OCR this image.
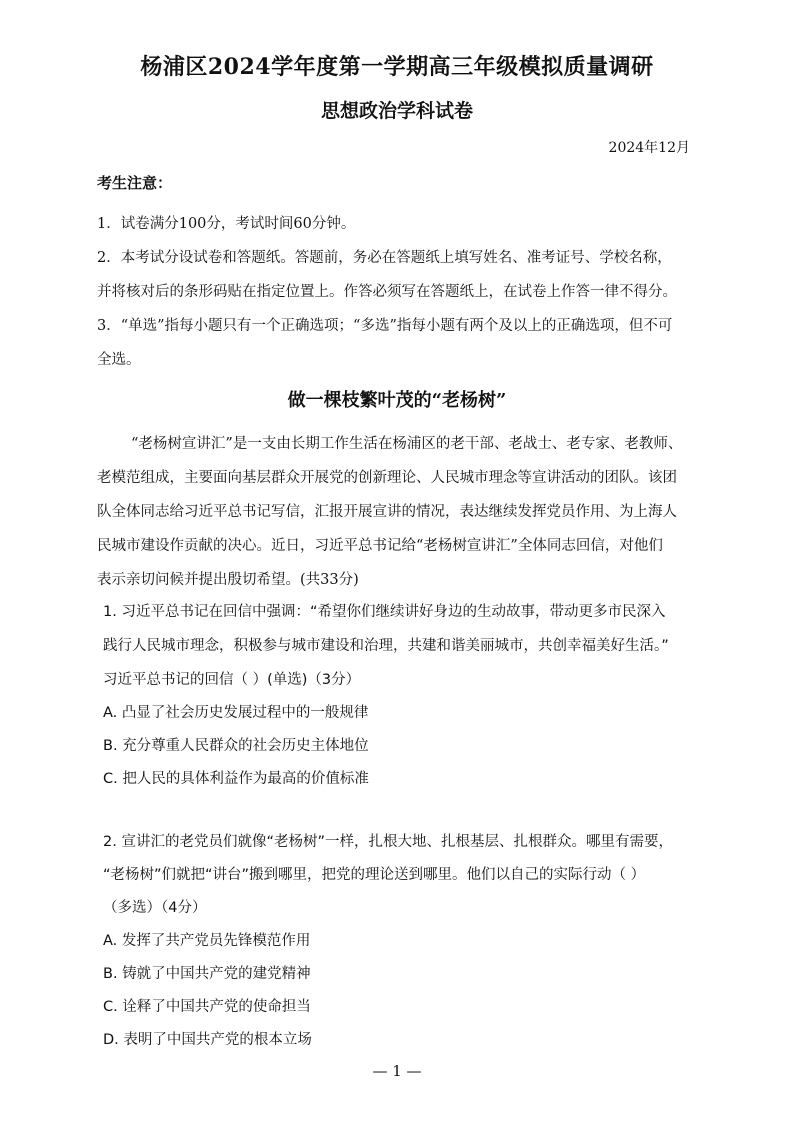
杨浦区2024学年度第一学期高三年级模拟质量调研
思想政治学科试卷
2024年12月
考生注意：
1．试卷满分100分，考试时间60分钟。
2．本考试分设试卷和答题纸。答题前，务必在答题纸上填写姓名、准考证号、学校名称，
并将核对后的条形码贴在指定位置上。作答必须写在答题纸上，在试卷上作答一律不得分。
3．“单选”指每小题只有一个正确选项；“多选”指每小题有两个及以上的正确选项，但不可
全选。
做一棵枝繁叶茂的“老杨树”
“老杨树宣讲汇”是一支由长期工作生活在杨浦区的老干部、老战士、老专家、老教师、
老模范组成，主要面向基层群众开展党的创新理论、人民城市理念等宣讲活动的团队。该团
队全体同志给习近平总书记写信，汇报开展宣讲的情况，表达继续发挥党员作用、为上海人
民城市建设作贡献的决心。近日，习近平总书记给“老杨树宣讲汇”全体同志回信，对他们
表示亲切问候并提出殷切希望。(共33分)
1. 习近平总书记在回信中强调：“希望你们继续讲好身边的生动故事，带动更多市民深入
践行人民城市理念，积极参与城市建设和治理，共建和谐美丽城市，共创幸福美好生活。”
习近平总书记的回信（ ）(单选)（3分）
A. 凸显了社会历史发展过程中的一般规律
B. 充分尊重人民群众的社会历史主体地位
C. 把人民的具体利益作为最高的价值标准
2. 宣讲汇的老党员们就像“老杨树”一样，扎根大地、扎根基层、扎根群众。哪里有需要，
“老杨树”们就把“讲台”搬到哪里，把党的理论送到哪里。他们以自己的实际行动（ ）
（多选）（4分）
A. 发挥了共产党员先锋模范作用
B. 铸就了中国共产党的建党精神
C. 诠释了中国共产党的使命担当
D. 表明了中国共产党的根本立场
— 1 —
